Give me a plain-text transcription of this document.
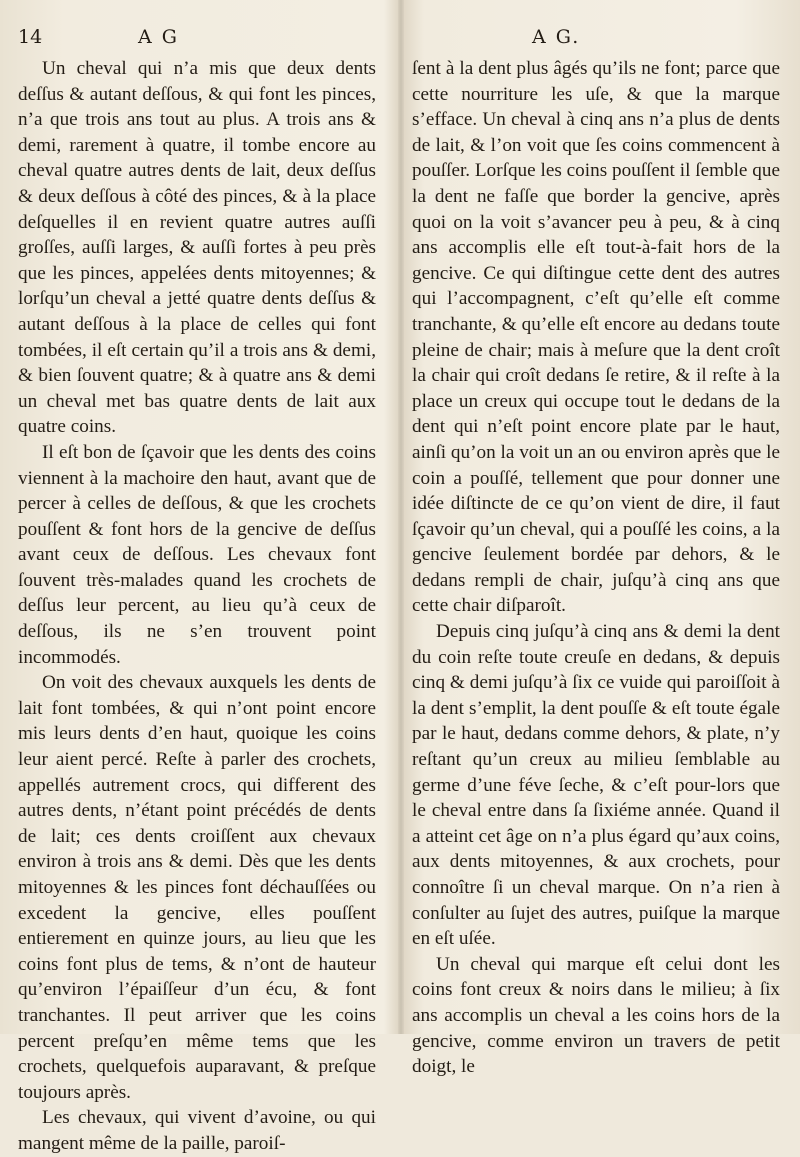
14	A G

Un cheval qui n’a mis que deux dents deſſus & autant deſſous, & qui font les pinces, n’a que trois ans tout au plus. A trois ans & demi, rarement à quatre, il tombe encore au cheval quatre autres dents de lait, deux deſſus & deux deſſous à côté des pinces, & à la place deſquelles il en revient quatre autres auſſi groſſes, auſſi larges, & auſſi fortes à peu près que les pinces, appelées dents mitoyennes; & lorſqu’un cheval a jetté quatre dents deſſus & autant deſſous à la place de celles qui font tombées, il eſt certain qu’il a trois ans & demi, & bien ſouvent quatre; & à quatre ans & demi un cheval met bas quatre dents de lait aux quatre coins.

Il eſt bon de ſçavoir que les dents des coins viennent à la machoire den haut, avant que de percer à celles de deſſous, & que les crochets pouſſent & font hors de la gencive de deſſus avant ceux de deſſous. Les chevaux font ſouvent très-malades quand les crochets de deſſus leur percent, au lieu qu’à ceux de deſſous, ils ne s’en trouvent point incommodés.

On voit des chevaux auxquels les dents de lait font tombées, & qui n’ont point encore mis leurs dents d’en haut, quoique les coins leur aient percé. Reſte à parler des crochets, appellés autrement crocs, qui different des autres dents, n’étant point précédés de dents de lait; ces dents croiſſent aux chevaux environ à trois ans & demi. Dès que les dents mitoyennes & les pinces font déchauſſées ou excedent la gencive, elles pouſſent entierement en quinze jours, au lieu que les coins font plus de tems, & n’ont de hauteur qu’environ l’épaiſſeur d’un écu, & font tranchantes. Il peut arriver que les coins percent preſqu’en même tems que les crochets, quelquefois auparavant, & preſque toujours après.

Les chevaux, qui vivent d’avoine, ou qui mangent même de la paille, paroiſ-

A G.

ſent à la dent plus âgés qu’ils ne font; parce que cette nourriture les uſe, & que la marque s’efface. Un cheval à cinq ans n’a plus de dents de lait, & l’on voit que ſes coins commencent à pouſſer. Lorſque les coins pouſſent il ſemble que la dent ne faſſe que border la gencive, après quoi on la voit s’avancer peu à peu, & à cinq ans accomplis elle eſt tout-à-fait hors de la gencive. Ce qui diſtingue cette dent des autres qui l’accompagnent, c’eſt qu’elle eſt comme tranchante, & qu’elle eſt encore au dedans toute pleine de chair; mais à meſure que la dent croît la chair qui croît dedans ſe retire, & il reſte à la place un creux qui occupe tout le dedans de la dent qui n’eſt point encore plate par le haut, ainſi qu’on la voit un an ou environ après que le coin a pouſſé, tellement que pour donner une idée diſtincte de ce qu’on vient de dire, il faut ſçavoir qu’un cheval, qui a pouſſé les coins, a la gencive ſeulement bordée par dehors, & le dedans rempli de chair, juſqu’à cinq ans que cette chair diſparoît.

Depuis cinq juſqu’à cinq ans & demi la dent du coin reſte toute creuſe en dedans, & depuis cinq & demi juſqu’à ſix ce vuide qui paroiſſoit à la dent s’emplit, la dent pouſſe & eſt toute égale par le haut, dedans comme dehors, & plate, n’y reſtant qu’un creux au milieu ſemblable au germe d’une féve ſeche, & c’eſt pour-lors que le cheval entre dans ſa ſixiéme année. Quand il a atteint cet âge on n’a plus égard qu’aux coins, aux dents mitoyennes, & aux crochets, pour connoître ſi un cheval marque. On n’a rien à conſulter au ſujet des autres, puiſque la marque en eſt uſée.

Un cheval qui marque eſt celui dont les coins font creux & noirs dans le milieu; à ſix ans accomplis un cheval a les coins hors de la gencive, comme environ un travers de petit doigt, le
